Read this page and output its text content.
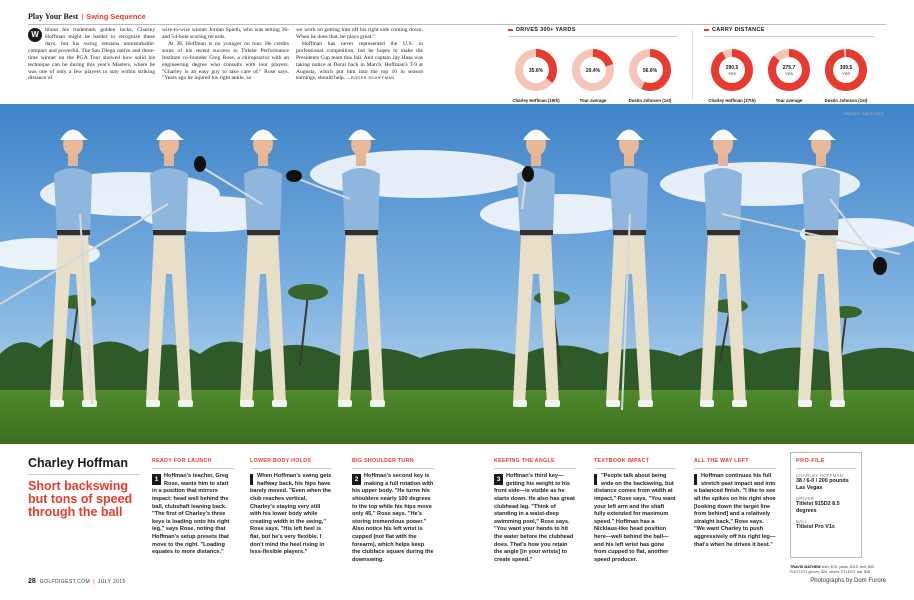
Play Your Best | Swing Sequence
W	ithout his trademark golden locks, Charley Hoffman might be harder to recognize these days, but his swing remains unmistakable: compact and powerful. The San Diego native and three-time winner on the PGA Tour showed how solid his technique can be during this year's Masters, where he was one of only a few players to stay within striking distance of

wire-to-wire winner Jordan Spieth, who was setting 36- and 54-hole scoring records.

At 38, Hoffman is no younger on tour. He credits some of his recent success to Titleist Performance Institute co-founder Greg Rose, a chiropractor with an engineering degree who consults with tour players. "Charley is an easy guy to take care of," Rose says. "Years ago he injured his right ankle, so

we work on getting him off his right side coming down. When he does that, he plays great."

Hoffman has never represented the U.S. in professional competition, but he hopes to make the Presidents Cup team this fall. And captain Jay Haas was taking notice at Doral back in March. Hoffman's T-9 at Augusta, which put him into the top 10 in season earnings, should help. —ROGER SCHIFFMAN

DRIVES 300+ YARDS
35.6%
Charley Hoffman (19th)
20.4%
Tour average
56.6%
Dustin Johnson (1st)
CARRY DISTANCE
290.5
YDS
Charley Hoffman (27th)
275.7
YDS
Tour average
309.5
YDS
Dustin Johnson (1st)
DRIVER: SWITCHES
Charley Hoffman
Short backswing but tons of speed through the ball
READY FOR LAUNCH
1	Hoffman's teacher, Greg Rose, wants him to start in a position that mirrors impact: head well behind the ball, clubshaft leaning back. "The first of Charley's three keys is loading onto his right leg," says Rose, noting that Hoffman's setup presets that move to the right. "Loading equates to more distance."
LOWER BODY HOLDS
When Hoffman's swing gets halfway back, his hips have barely moved. "Even when the club reaches vertical, Charley's staying very still with his lower body while creating width in the swing," Rose says. "His left heel is flat, but he's very flexible. I don't mind the heel rising in less-flexible players."
BIG SHOULDER TURN
2	Hoffman's second key is making a full rotation with his upper body. "He turns his shoulders nearly 100 degrees to the top while his hips move only 45," Rose says. "He's storing tremendous power." Also notice his left wrist is cupped (not flat with the forearm), which helps keep the clubface square during the downswing.
KEEPING THE ANGLE
3	Hoffman's third key—getting his weight to his front side—is visible as he starts down. He also has great clubhead lag. "Think of standing in a waist-deep swimming pool," Rose says. "You want your hands to hit the water before the clubhead does. That's how you retain the angle [in your wrists] to create speed."
TEXTBOOK IMPACT
"People talk about being wide on the backswing, but distance comes from width at impact," Rose says. "You want your left arm and the shaft fully extended for maximum speed." Hoffman has a Nicklaus-like head position here—well behind the ball—and his left wrist has gone from cupped to flat, another speed producer.
ALL THE WAY LEFT
Hoffman continues his full stretch past impact and into a balanced finish. "I like to see all the spikes on his right shoe [looking down the target line from behind] and a relatively straight back," Rose says. "We want Charley to push aggressively off his right leg—that's when he drives it best."
PRO-FILE
CHARLEY HOFFMAN
38 / 6-0 / 200 pounds Las Vegas
DRIVER
Titleist 915D2 8.5 degrees
BALL
Titleist Pro V1x
TRAVIS MATHEW shirt, $78, pants, $115, belt, $60 FOOTJOY gloves, $24, shoes TITLEIST hat, $28
28 GOLFDIGEST.COM | JULY 2015	Photographs by Dom Furore
